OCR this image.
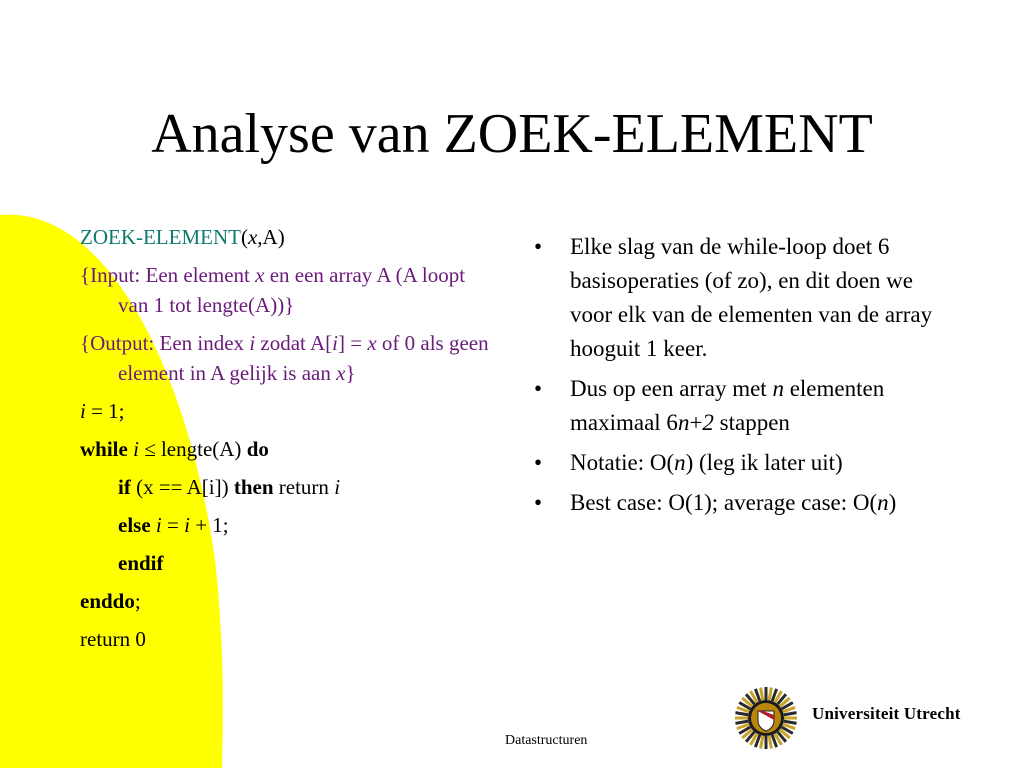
Analyse van ZOEK-ELEMENT

ZOEK-ELEMENT(x,A)

{Input: Een element x en een array A (A loopt van 1 tot lengte(A))}

{Output: Een index i zodat A[i] = x of 0 als geen element in A gelijk is aan x}

i = 1;

while i ≤ lengte(A) do

if (x == A[i]) then return i

else i = i + 1;

endif

enddo;

return 0

• Elke slag van de while-loop doet 6 basisoperaties (of zo), en dit doen we voor elk van de elementen van de array hooguit 1 keer.
• Dus op een array met n elementen maximaal 6n+2 stappen
• Notatie: O(n) (leg ik later uit)
• Best case: O(1); average case: O(n)
Datastructuren
Universiteit Utrecht
